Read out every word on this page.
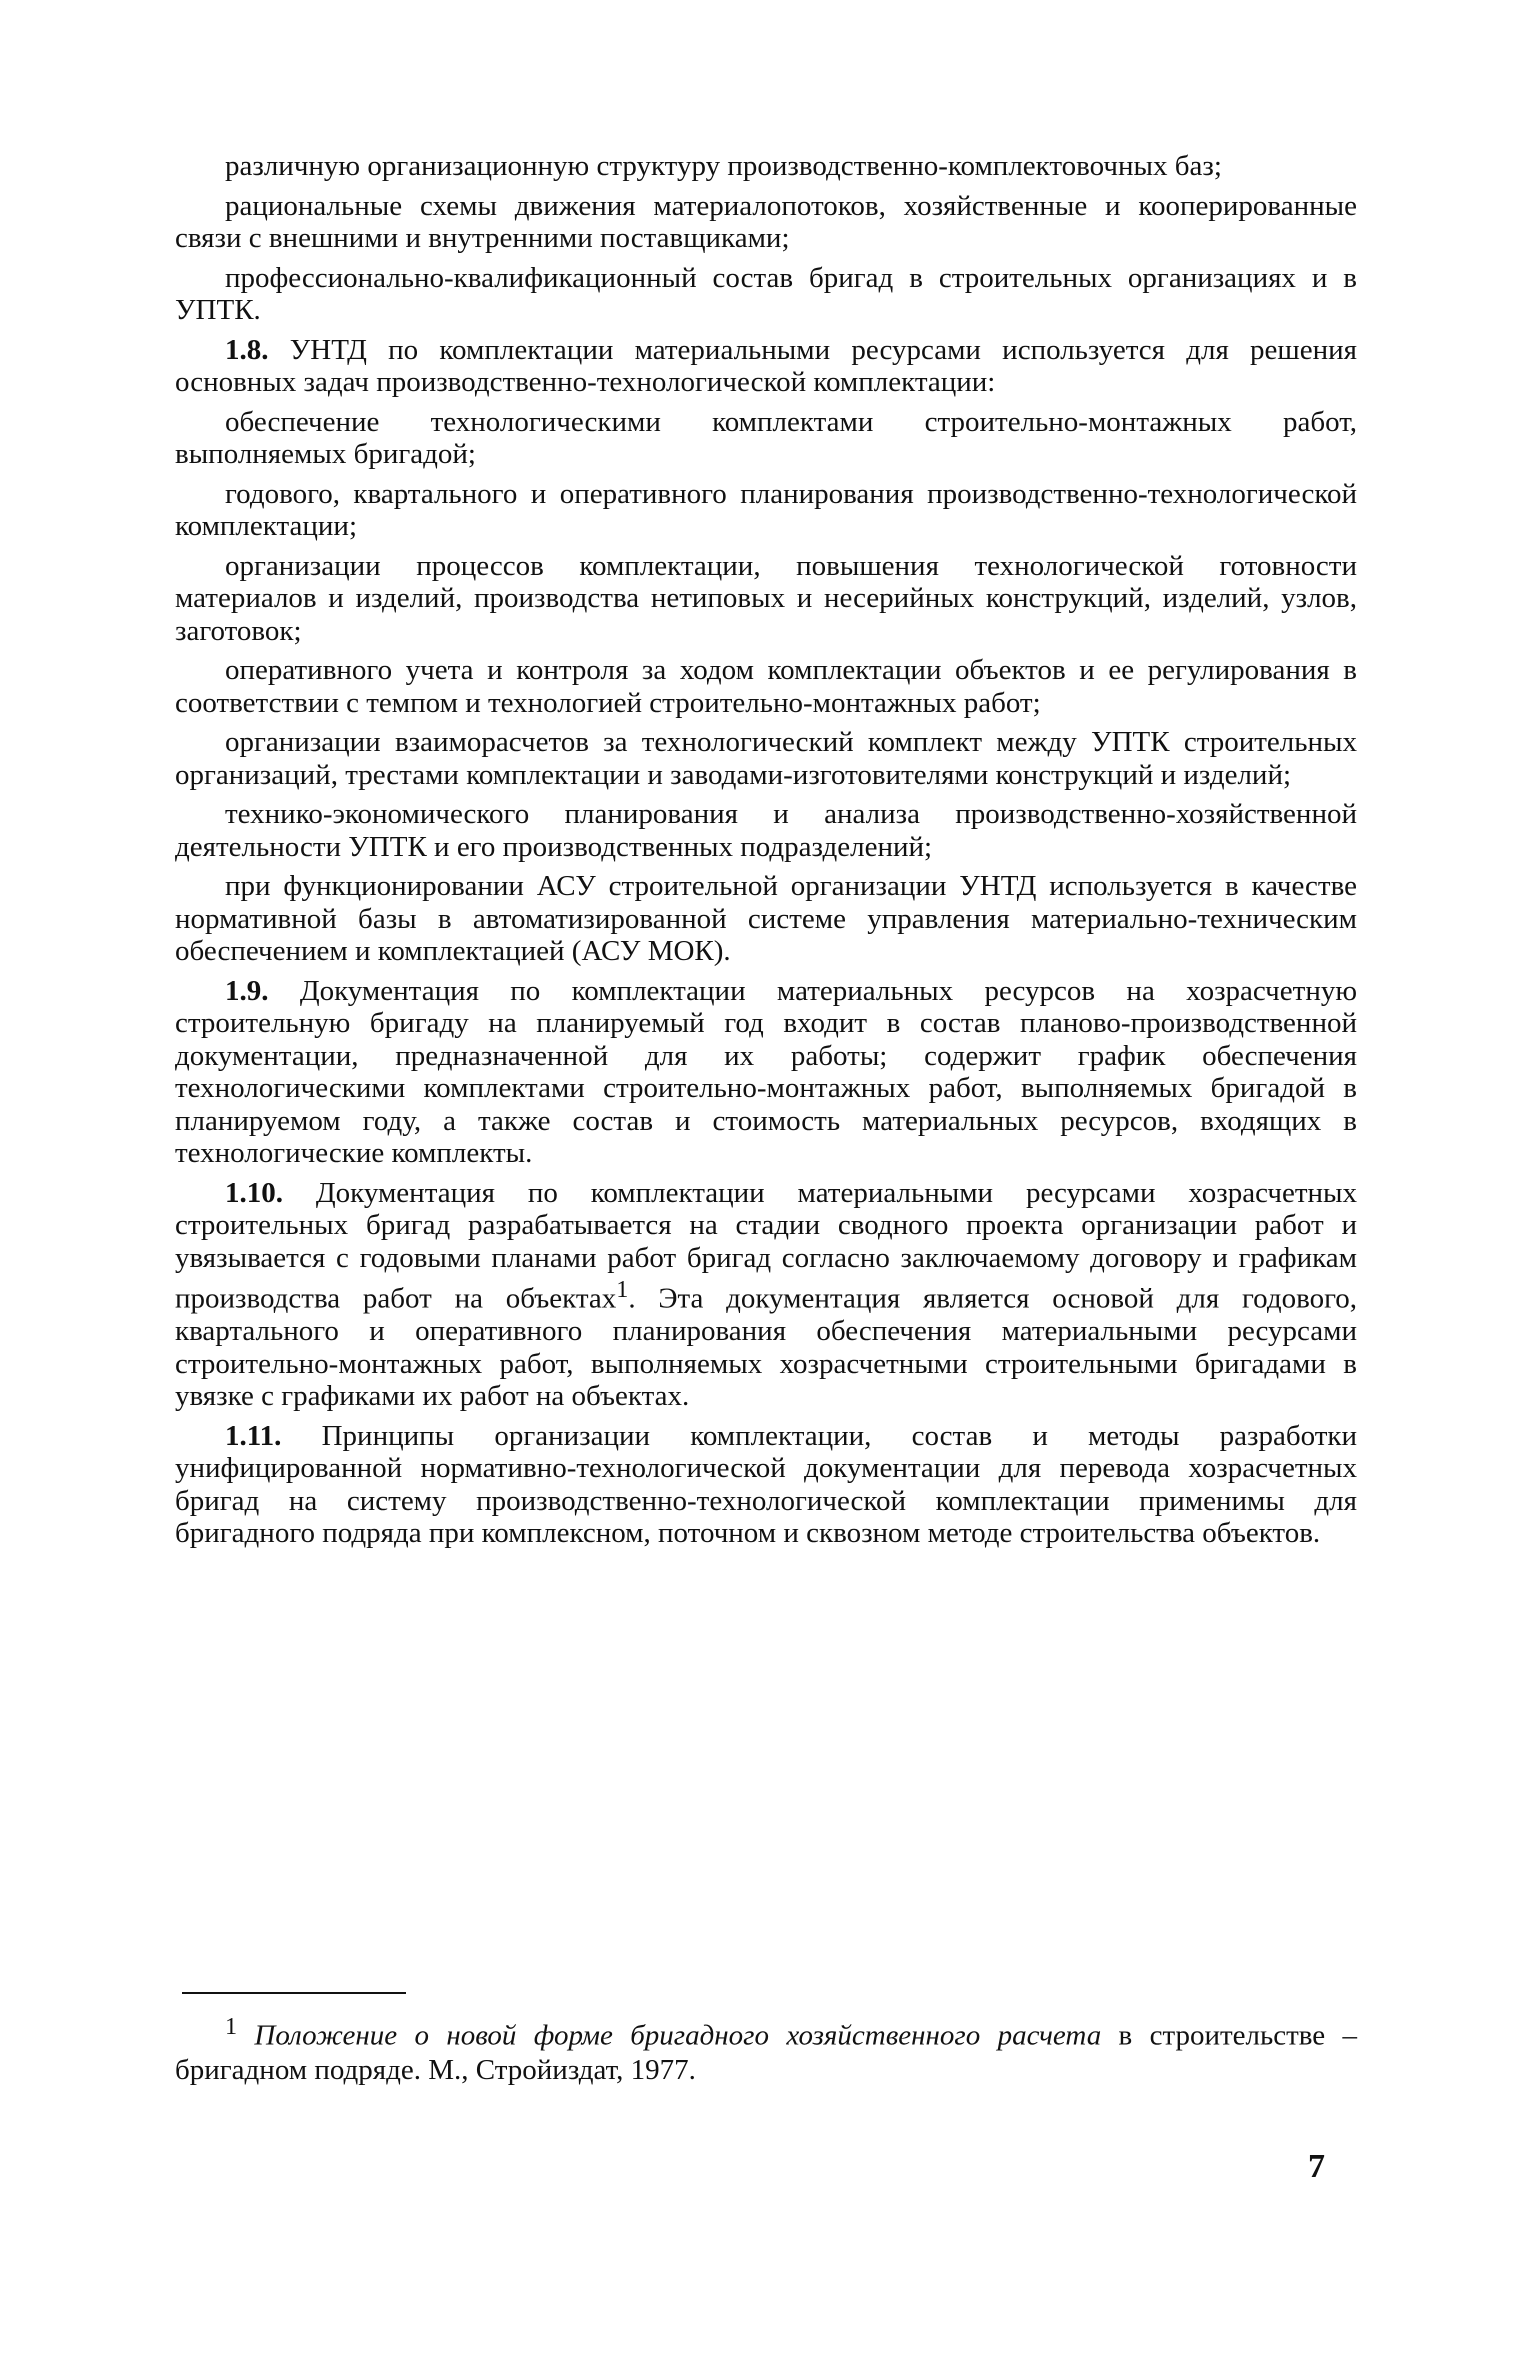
различную организационную структуру производственно-комплектовочных баз;

рациональные схемы движения материалопотоков, хозяйственные и кооперированные связи с внешними и внутренними поставщиками;

профессионально-квалификационный состав бригад в строительных организациях и в УПТК.

1.8. УНТД по комплектации материальными ресурсами используется для решения основных задач производственно-технологической комплектации:

обеспечение технологическими комплектами строительно-монтажных работ, выполняемых бригадой;

годового, квартального и оперативного планирования производственно-технологической комплектации;

организации процессов комплектации, повышения технологической готовности материалов и изделий, производства нетиповых и несерийных конструкций, изделий, узлов, заготовок;

оперативного учета и контроля за ходом комплектации объектов и ее регулирования в соответствии с темпом и технологией строительно-монтажных работ;

организации взаиморасчетов за технологический комплект между УПТК строительных организаций, трестами комплектации и заводами-изготовителями конструкций и изделий;

технико-экономического планирования и анализа производственно-хозяйственной деятельности УПТК и его производственных подразделений;

при функционировании АСУ строительной организации УНТД используется в качестве нормативной базы в автоматизированной системе управления материально-техническим обеспечением и комплектацией (АСУ МОК).

1.9. Документация по комплектации материальных ресурсов на хозрасчетную строительную бригаду на планируемый год входит в состав планово-производственной документации, предназначенной для их работы; содержит график обеспечения технологическими комплектами строительно-монтажных работ, выполняемых бригадой в планируемом году, а также состав и стоимость материальных ресурсов, входящих в технологические комплекты.

1.10. Документация по комплектации материальными ресурсами хозрасчетных строительных бригад разрабатывается на стадии сводного проекта организации работ и увязывается с годовыми планами работ бригад согласно заключаемому договору и графикам производства работ на объектах$^1$. Эта документация является основой для годового, квартального и оперативного планирования обеспечения материальными ресурсами строительно-монтажных работ, выполняемых хозрасчетными строительными бригадами в увязке с графиками их работ на объектах.

1.11. Принципы организации комплектации, состав и методы разработки унифицированной нормативно-технологической документации для перевода хозрасчетных бригад на систему производственно-технологической комплектации применимы для бригадного подряда при комплексном, поточном и сквозном методе строительства объектов.

$^1$ Положение о новой форме бригадного хозяйственного расчета в строительстве – бригадном подряде. М., Стройиздат, 1977.

7
